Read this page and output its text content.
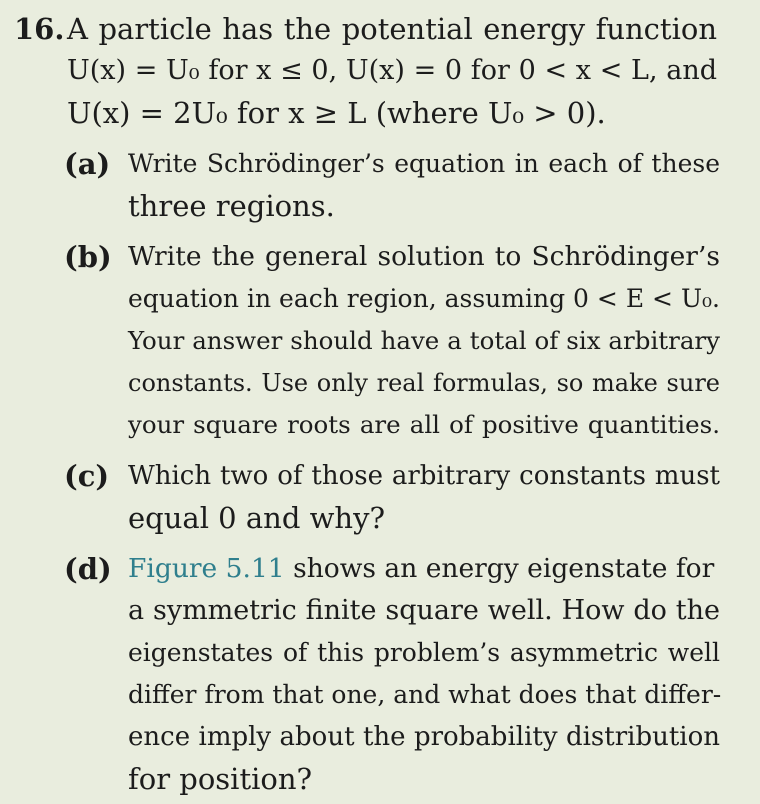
16. A particle has the potential energy function
U(x) = U₀ for x ≤ 0, U(x) = 0 for 0 < x < L, and
U(x) = 2U₀ for x ≥ L (where U₀ > 0).
(a) Write Schrödinger’s equation in each of these
three regions.
(b) Write the general solution to Schrödinger’s
equation in each region, assuming 0 < E < U₀.
Your answer should have a total of six arbitrary
constants. Use only real formulas, so make sure
your square roots are all of positive quantities.
(c) Which two of those arbitrary constants must
equal 0 and why?
(d) Figure 5.11 shows an energy eigenstate for
a symmetric finite square well. How do the
eigenstates of this problem’s asymmetric well
differ from that one, and what does that differ-
ence imply about the probability distribution
for position?
